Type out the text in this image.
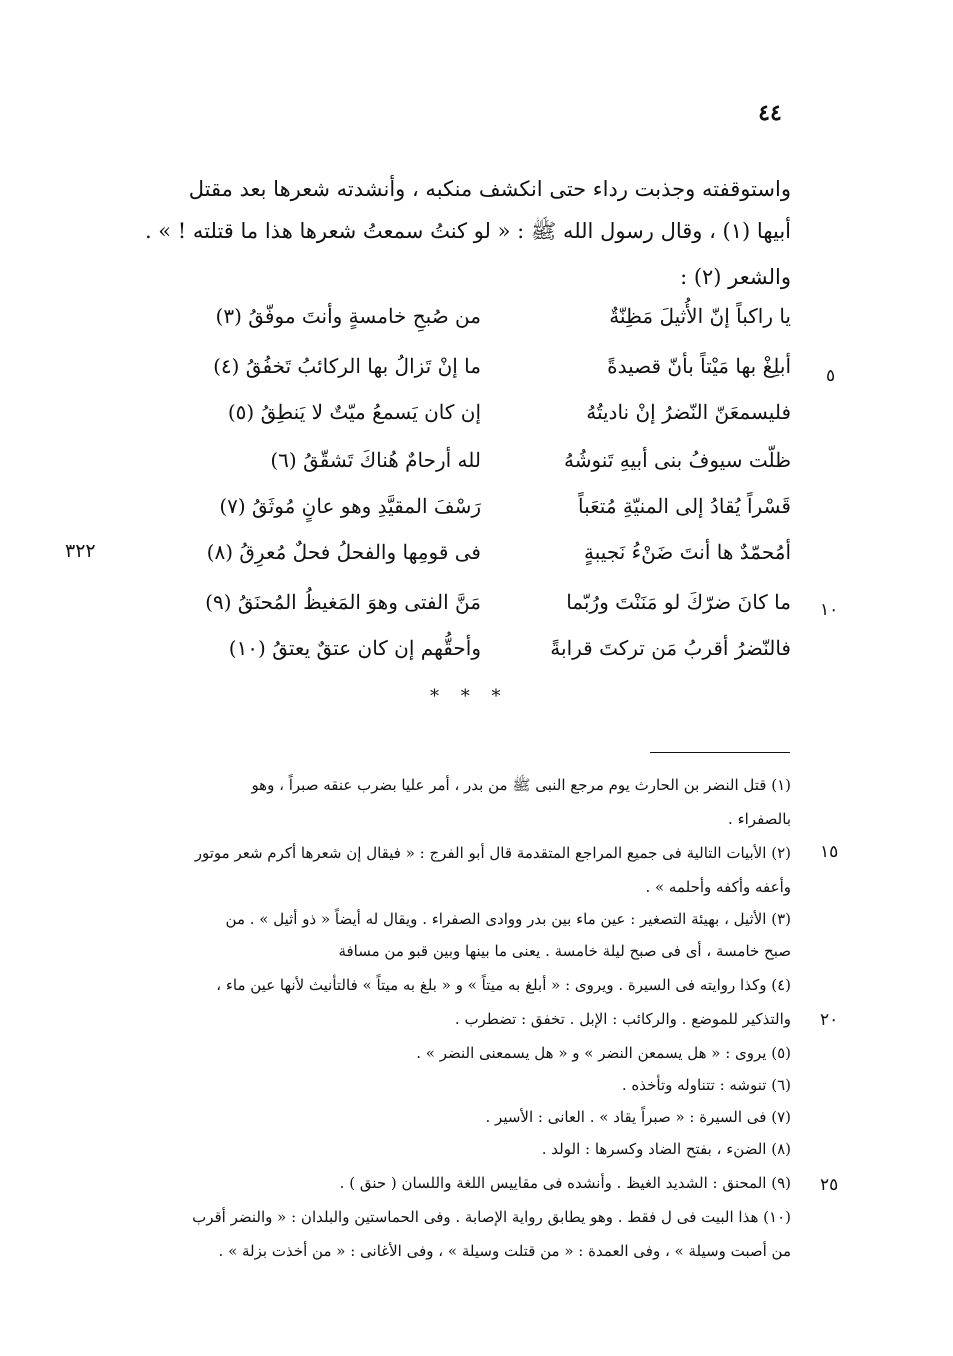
٤٤
واستوقفته وجذبت رداء حتى انكشف منكبه ، وأنشدته شعرها بعد مقتل
أبيها (١) ، وقال رسول الله ﷺ : « لو كنتُ سمعتُ شعرها هذا ما قتلته ! » .
والشعر (٢) :
يا راكباً إنّ الأُثيلَ مَظِنّةٌ
من صُبحِ خامسةٍ وأنتَ موفّقُ (٣)
أبلِغْ بها مَيْتاً بأنّ قصيدةً
ما إنْ تَزالُ بها الركائبُ تَخفُقُ (٤)
فليسمعَنّ النّضرُ إنْ ناديتُهُ
إن كان يَسمعُ ميّتٌ لا يَنطِقُ (٥)
ظلّت سيوفُ بنى أبيهِ تَنوشُهُ
لله أرحامٌ هُناكَ تَشقّقُ (٦)
قَسْراً يُقادُ إلى المنيّةِ مُتعَباً
رَسْفَ المقيَّدِ وهو عانٍ مُوثَقُ (٧)
أمُحمّدٌ ها أنتَ ضَنْءُ نَجيبةٍ
فى قومِها والفحلُ فحلٌ مُعرِقُ (٨)
ما كانَ ضرّكَ لو مَنَنْتَ ورُبّما
مَنَّ الفتى وهوَ المَغيظُ المُحنَقُ (٩)
فالنّضرُ أقربُ مَن تركتَ قرابةً
وأحقُّهم إن كان عتقٌ يعتقُ (١٠)
٥
١٠
١٥
٢٠
٢٥
٣٢٢
* * *
(١) قتل النضر بن الحارث يوم مرجع النبى ﷺ من بدر ، أمر عليا بضرب عنقه صبراً ، وهو
بالصفراء .
(٢) الأبيات التالية فى جميع المراجع المتقدمة قال أبو الفرج : « فيقال إن شعرها أكرم شعر موتور
وأعفه وأكفه وأحلمه » .
(٣) الأثيل ، بهيئة التصغير : عين ماء بين بدر ووادى الصفراء . ويقال له أيضاً « ذو أثيل » . من
صبح خامسة ، أى فى صبح ليلة خامسة . يعنى ما بينها وبين قبو من مسافة
(٤) وكذا روايته فى السيرة . ويروى : « أبلغ به ميتاً » و « بلغ به ميتاً » فالتأنيث لأنها عين ماء ،
والتذكير للموضع . والركائب : الإبل . تخفق : تضطرب .
(٥) يروى : « هل يسمعن النضر » و « هل يسمعنى النضر » .
(٦) تنوشه : تتناوله وتأخذه .
(٧) فى السيرة : « صبراً يقاد » . العانى : الأسير .
(٨) الضنء ، بفتح الضاد وكسرها : الولد .
(٩) المحنق : الشديد الغيظ . وأنشده فى مقاييس اللغة واللسان ( حنق ) .
(١٠) هذا البيت فى ل فقط . وهو يطابق رواية الإصابة . وفى الحماستين والبلدان : « والنضر أقرب
من أصبت وسيلة » ، وفى العمدة : « من قتلت وسيلة » ، وفى الأغانى : « من أخذت بزلة » .
